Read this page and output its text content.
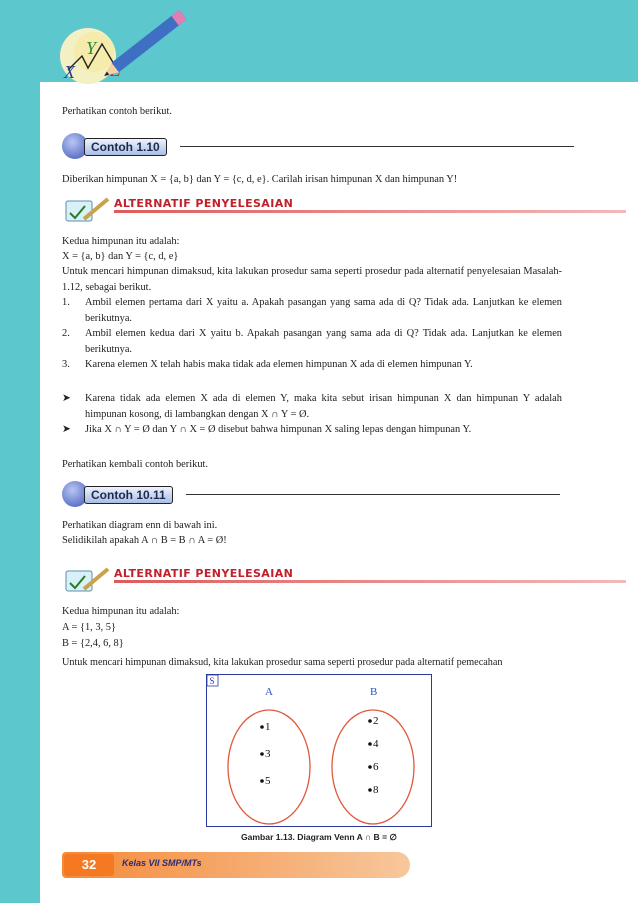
X
Y
Perhatikan contoh berikut.
Contoh 1.10
Diberikan himpunan X = {a, b} dan Y = {c, d, e}. Carilah irisan himpunan X dan himpunan Y!
ALTERNATIF PENYELESAIAN
Kedua himpunan itu adalah:
X = {a, b} dan Y = {c, d, e}
Untuk mencari himpunan dimaksud, kita lakukan prosedur sama seperti prosedur pada alternatif penyelesaian Masalah-1.12, sebagai berikut.
1. Ambil elemen pertama dari X yaitu a. Apakah pasangan yang sama ada di Q? Tidak ada. Lanjutkan ke elemen berikutnya.
2. Ambil elemen kedua dari X yaitu b. Apakah pasangan yang sama ada di Q? Tidak ada. Lanjutkan ke elemen berikutnya.
3. Karena elemen X telah habis maka tidak ada elemen himpunan X ada di elemen himpunan Y.
➤ Karena tidak ada elemen X ada di elemen Y, maka kita sebut irisan himpunan X dan himpunan Y adalah himpunan kosong, di lambangkan dengan X ∩ Y = Ø.
➤ Jika X ∩ Y = Ø dan Y ∩ X = Ø disebut bahwa himpunan X saling lepas dengan himpunan Y.
Perhatikan kembali contoh berikut.
Contoh 10.11
Perhatikan diagram enn di bawah ini.
Selidikilah apakah A ∩ B = B ∩ A = Ø!
ALTERNATIF PENYELESAIAN
Kedua himpunan itu adalah:
A = {1, 3, 5}
B = {2,4, 6, 8}
Untuk mencari himpunan dimaksud, kita lakukan prosedur sama seperti prosedur pada alternatif pemecahan
S
A	B
1
3
5
2
4
6
8
Gambar 1.13. Diagram Venn A ∩ B = ∅
32	Kelas VII SMP/MTs
